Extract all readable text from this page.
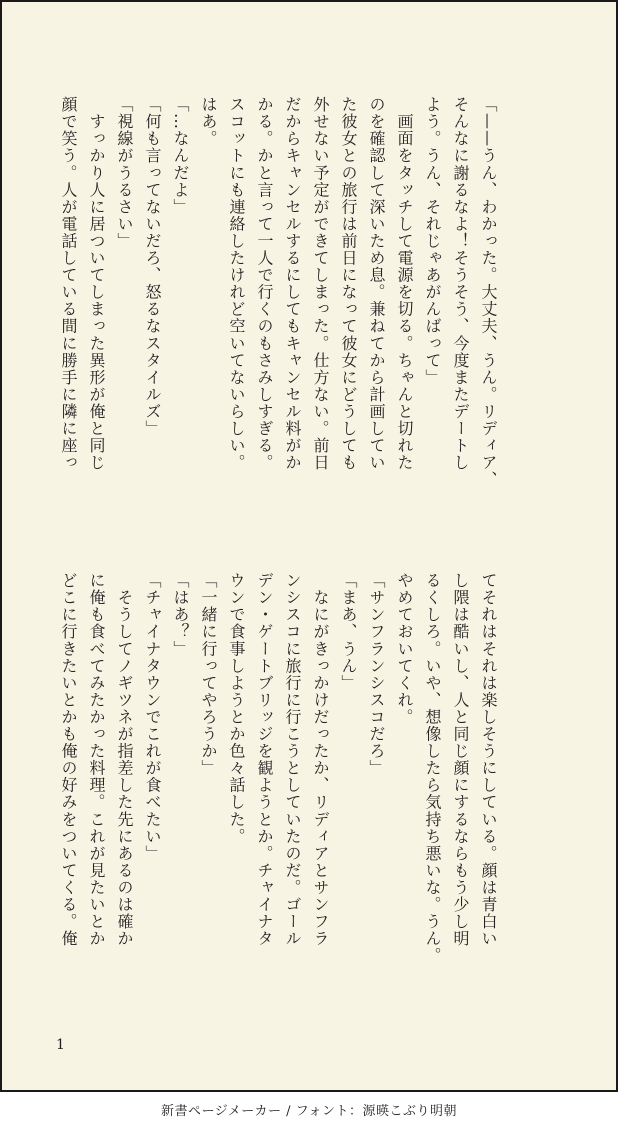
「——うん、わかった。大丈夫、うん。リディア、
そんなに謝るなよ！そうそう、今度またデートし
よう。うん、それじゃあがんばって」
　画面をタッチして電源を切る。ちゃんと切れた
のを確認して深いため息。兼ねてから計画してい
た彼女との旅行は前日になって彼女にどうしても
外せない予定ができてしまった。仕方ない。前日
だからキャンセルするにしてもキャンセル料がか
かる。かと言って一人で行くのもさみしすぎる。
スコットにも連絡したけれど空いてないらしい。
はあ。
「…なんだよ」
「何も言ってないだろ、怒るなスタイルズ」
「視線がうるさい」
　すっかり人に居ついてしまった異形が俺と同じ
顔で笑う。人が電話している間に勝手に隣に座っ
てそれはそれは楽しそうにしている。顔は青白い
し隈は酷いし、人と同じ顔にするならもう少し明
るくしろ。いや、想像したら気持ち悪いな。うん。
やめておいてくれ。
「サンフランシスコだろ」
「まあ、うん」
　なにがきっかけだったか、リディアとサンフラ
ンシスコに旅行に行こうとしていたのだ。ゴール
デン・ゲートブリッジを観ようとか。チャイナタ
ウンで食事しようとか色々話した。
「一緒に行ってやろうか」
「はあ？」
「チャイナタウンでこれが食べたい」
　そうしてノギツネが指差した先にあるのは確か
に俺も食べてみたかった料理。これが見たいとか
どこに行きたいとかも俺の好みをついてくる。俺
1
新書ページメーカー / フォント：源暎こぶり明朝
